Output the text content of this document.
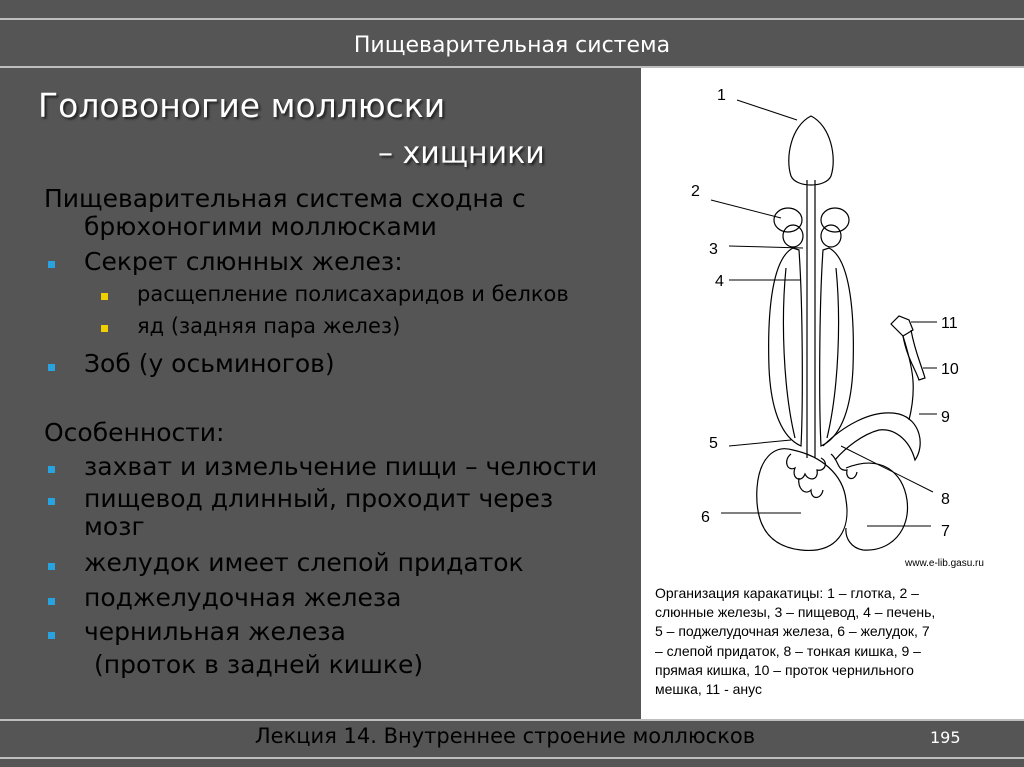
Пищеварительная система
Головоногие моллюски
– хищники
Пищеварительная система сходна с
брюхоногими моллюсками
Секрет слюнных желез:
расщепление полисахаридов и белков
яд (задняя пара желез)
Зоб (у осьминогов)
Особенности:
захват и измельчение пищи – челюсти
пищевод длинный, проходит через
мозг
желудок имеет слепой придаток
поджелудочная железа
чернильная железа
(проток в задней кишке)
1
2
3
4
5
6
7
8
9
10
11
www.e-lib.gasu.ru
Организация каракатицы: 1 – глотка, 2 –
слюнные железы, 3 – пищевод, 4 – печень,
5 – поджелудочная железа, 6 – желудок, 7
– слепой придаток, 8 – тонкая кишка, 9 –
прямая кишка, 10 – проток чернильного
мешка, 11 - анус
Лекция 14. Внутреннее строение моллюсков	195
